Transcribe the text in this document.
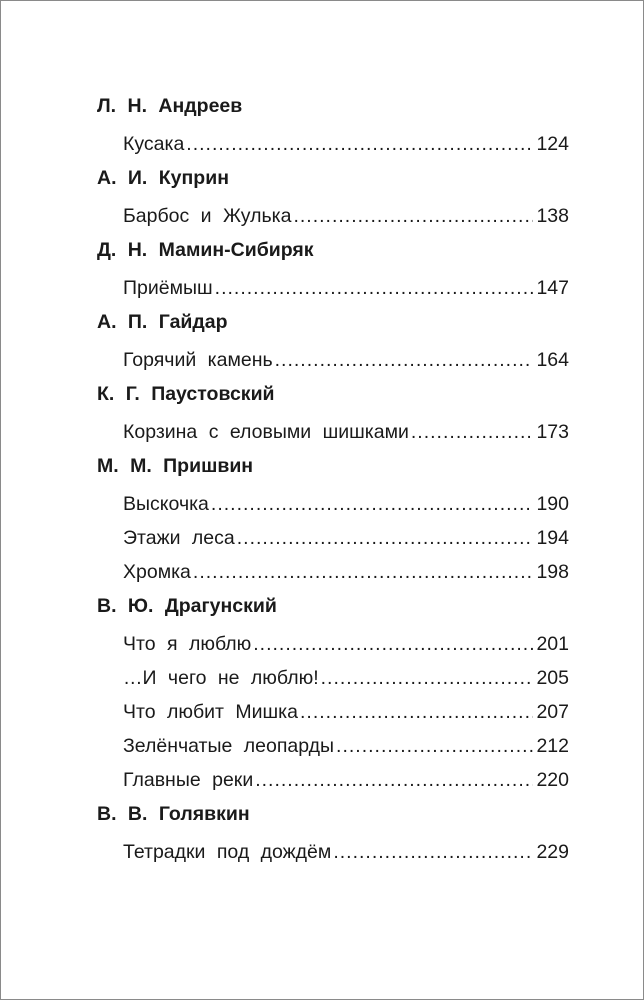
Л. Н. Андреев
Кусака .....	124
А. И. Куприн
Барбос и Жулька .....	138
Д. Н. Мамин-Сибиряк
Приёмыш .....	147
А. П. Гайдар
Горячий камень .....	164
К. Г. Паустовский
Корзина с еловыми шишками .....	173
М. М. Пришвин
Выскочка .....	190
Этажи леса .....	194
Хромка .....	198
В. Ю. Драгунский
Что я люблю .....	201
…И чего не люблю! .....	205
Что любит Мишка .....	207
Зелёнчатые леопарды .....	212
Главные реки .....	220
В. В. Голявкин
Тетрадки под дождём .....	229
